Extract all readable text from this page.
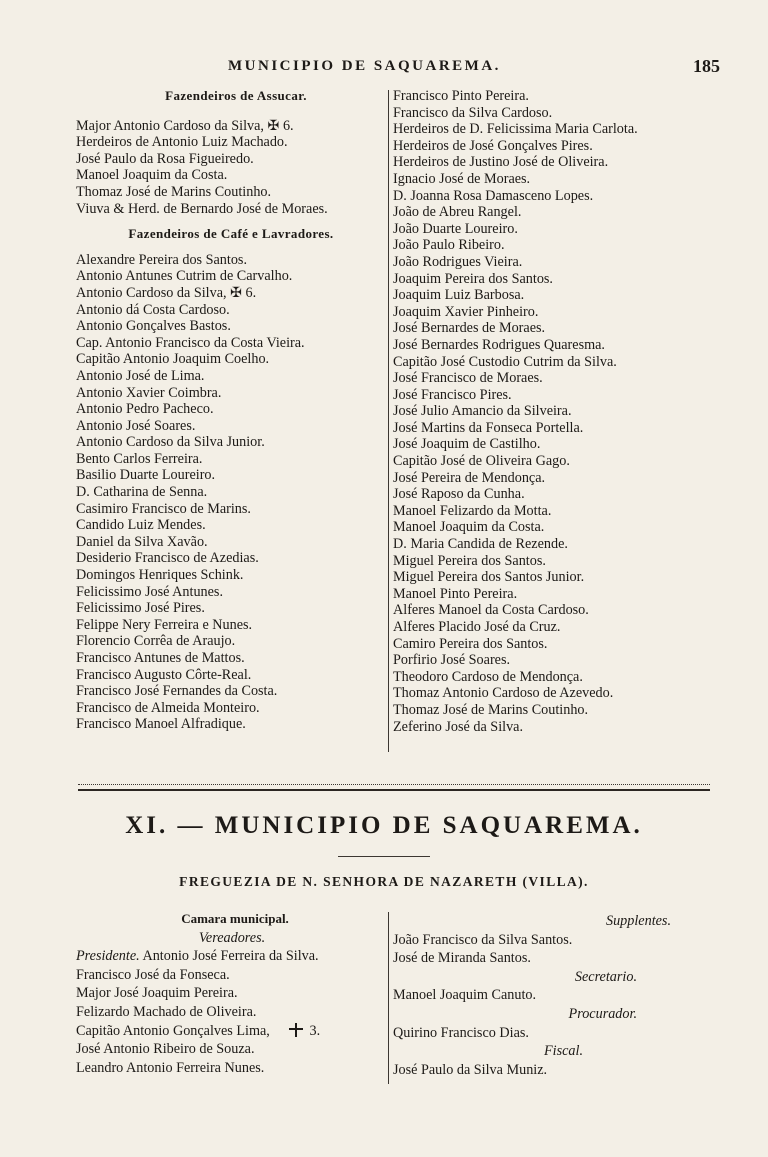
MUNICIPIO DE SAQUAREMA.	185
Fazendeiros de Assucar.
Major Antonio Cardoso da Silva, ✠ 6.
Herdeiros de Antonio Luiz Machado.
José Paulo da Rosa Figueiredo.
Manoel Joaquim da Costa.
Thomaz José de Marins Coutinho.
Viuva & Herd. de Bernardo José de Moraes.
Fazendeiros de Café e Lavradores.
Alexandre Pereira dos Santos.
Antonio Antunes Cutrim de Carvalho.
Antonio Cardoso da Silva, ✠ 6.
Antonio dá Costa Cardoso.
Antonio Gonçalves Bastos.
Cap. Antonio Francisco da Costa Vieira.
Capitão Antonio Joaquim Coelho.
Antonio José de Lima.
Antonio Xavier Coimbra.
Antonio Pedro Pacheco.
Antonio José Soares.
Antonio Cardoso da Silva Junior.
Bento Carlos Ferreira.
Basilio Duarte Loureiro.
D. Catharina de Senna.
Casimiro Francisco de Marins.
Candido Luiz Mendes.
Daniel da Silva Xavão.
Desiderio Francisco de Azedias.
Domingos Henriques Schink.
Felicissimo José Antunes.
Felicissimo José Pires.
Felippe Nery Ferreira e Nunes.
Florencio Corrêa de Araujo.
Francisco Antunes de Mattos.
Francisco Augusto Côrte-Real.
Francisco José Fernandes da Costa.
Francisco de Almeida Monteiro.
Francisco Manoel Alfradique.
Francisco Pinto Pereira.
Francisco da Silva Cardoso.
Herdeiros de D. Felicissima Maria Carlota.
Herdeiros de José Gonçalves Pires.
Herdeiros de Justino José de Oliveira.
Ignacio José de Moraes.
D. Joanna Rosa Damasceno Lopes.
João de Abreu Rangel.
João Duarte Loureiro.
João Paulo Ribeiro.
João Rodrigues Vieira.
Joaquim Pereira dos Santos.
Joaquim Luiz Barbosa.
Joaquim Xavier Pinheiro.
José Bernardes de Moraes.
José Bernardes Rodrigues Quaresma.
Capitão José Custodio Cutrim da Silva.
José Francisco de Moraes.
José Francisco Pires.
José Julio Amancio da Silveira.
José Martins da Fonseca Portella.
José Joaquim de Castilho.
Capitão José de Oliveira Gago.
José Pereira de Mendonça.
José Raposo da Cunha.
Manoel Felizardo da Motta.
Manoel Joaquim da Costa.
D. Maria Candida de Rezende.
Miguel Pereira dos Santos.
Miguel Pereira dos Santos Junior.
Manoel Pinto Pereira.
Alferes Manoel da Costa Cardoso.
Alferes Placido José da Cruz.
Camiro Pereira dos Santos.
Porfirio José Soares.
Theodoro Cardoso de Mendonça.
Thomaz Antonio Cardoso de Azevedo.
Thomaz José de Marins Coutinho.
Zeferino José da Silva.
XI. — MUNICIPIO DE SAQUAREMA.
FREGUEZIA DE N. SENHORA DE NAZARETH (VILLA).
Camara municipal.
Vereadores.
Presidente. Antonio José Ferreira da Silva.
Francisco José da Fonseca.
Major José Joaquim Pereira.
Felizardo Machado de Oliveira.
Capitão Antonio Gonçalves Lima,	3.
José Antonio Ribeiro de Souza.
Leandro Antonio Ferreira Nunes.
Supplentes.
João Francisco da Silva Santos.
José de Miranda Santos.
Secretario.
Manoel Joaquim Canuto.
Procurador.
Quirino Francisco Dias.
Fiscal.
José Paulo da Silva Muniz.
